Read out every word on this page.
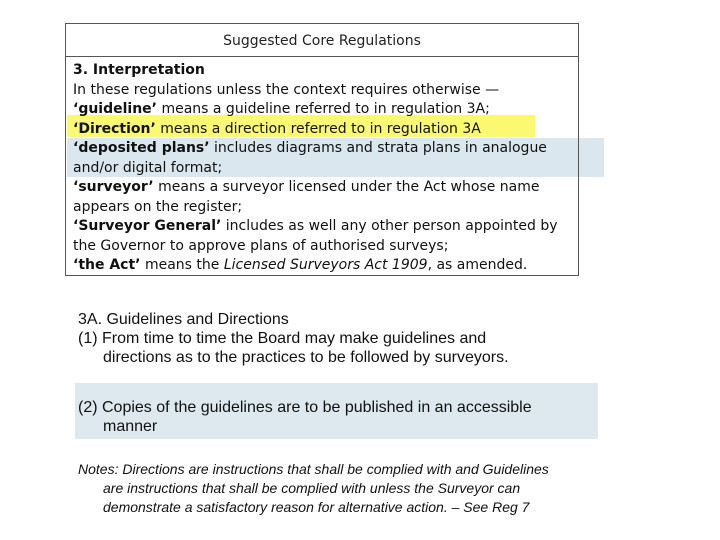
Suggested Core Regulations
3. Interpretation
In these regulations unless the context requires otherwise —
‘guideline’ means a guideline referred to in regulation 3A;
‘Direction’ means a direction referred to in regulation 3A
‘deposited plans’ includes diagrams and strata plans in analogue
and/or digital format;
‘surveyor’ means a surveyor licensed under the Act whose name
appears on the register;
‘Surveyor General’ includes as well any other person appointed by
the Governor to approve plans of authorised surveys;
‘the Act’ means the Licensed Surveyors Act 1909, as amended.
3A. Guidelines and Directions
(1) From time to time the Board may make guidelines and
directions as to the practices to be followed by surveyors.
(2) Copies of the guidelines are to be published in an accessible
manner
Notes: Directions are instructions that shall be complied with and Guidelines
are instructions that shall be complied with unless the Surveyor can
demonstrate a satisfactory reason for alternative action. – See Reg 7
